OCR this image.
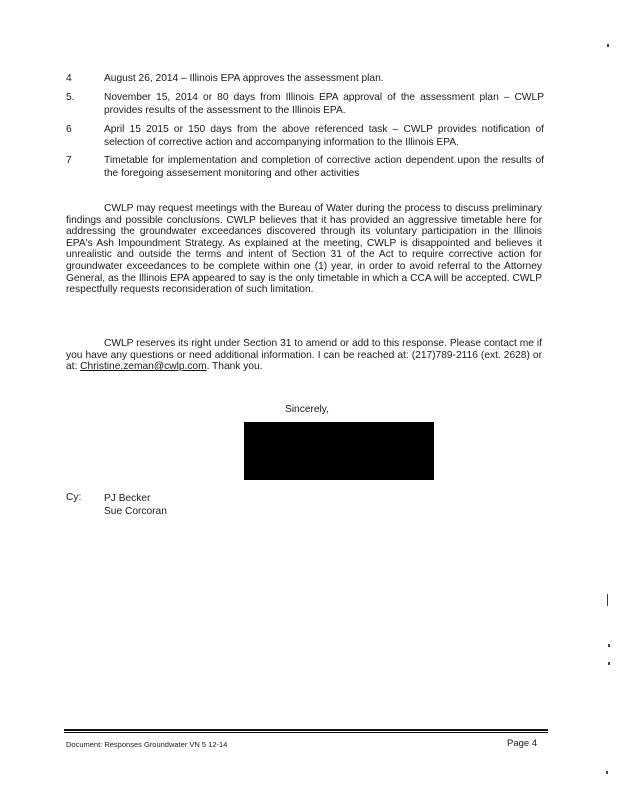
4	August 26, 2014 – Illinois EPA approves the assessment plan.
5.	November 15, 2014 or 80 days from Illinois EPA approval of the assessment plan – CWLP provides results of the assessment to the Illinois EPA.
6	April 15 2015 or 150 days from the above referenced task – CWLP provides notification of selection of corrective action and accompanying information to the Illinois EPA.
7	Timetable for implementation and completion of corrective action dependent upon the results of the foregoing assesement monitoring and other activities
CWLP may request meetings with the Bureau of Water during the process to discuss preliminary findings and possible conclusions. CWLP believes that it has provided an aggressive timetable here for addressing the groundwater exceedances discovered through its voluntary participation in the Illinois EPA's Ash Impoundment Strategy. As explained at the meeting, CWLP is disappointed and believes it unrealistic and outside the terms and intent of Section 31 of the Act to require corrective action for groundwater exceedances to be complete within one (1) year, in order to avoid referral to the Attorney General, as the Illinois EPA appeared to say is the only timetable in which a CCA will be accepted. CWLP respectfully requests reconsideration of such limitation.
CWLP reserves its right under Section 31 to amend or add to this response. Please contact me if you have any questions or need additional information. I can be reached at: (217)789-2116 (ext. 2628) or at: Christine.zeman@cwlp.com. Thank you.
Sincerely,
Cy: PJ Becker
Sue Corcoran
Document: Responses Groundwater VN 5 12-14	Page 4
